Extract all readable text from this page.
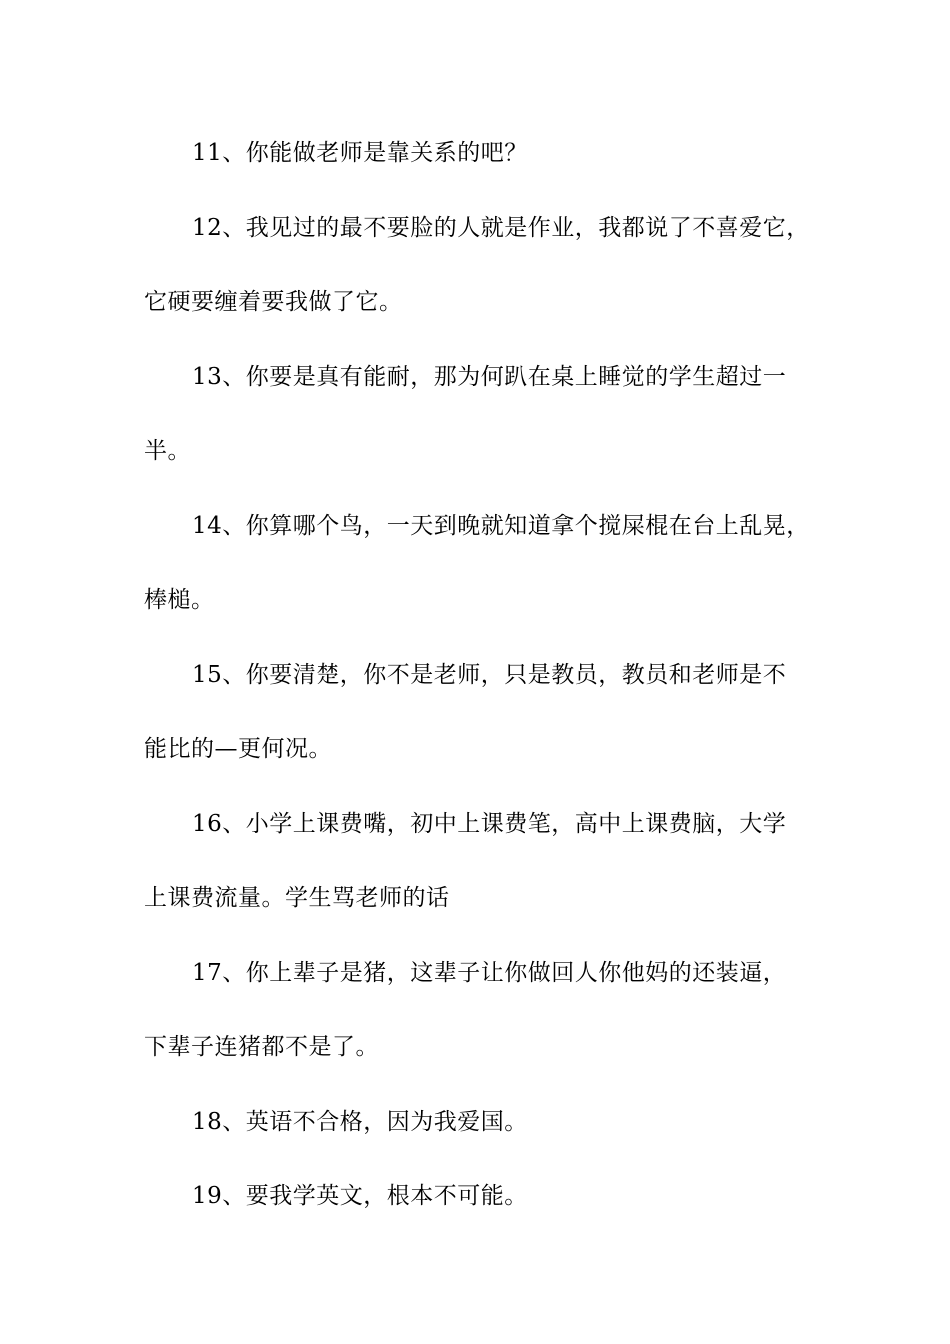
11、你能做老师是靠关系的吧？
12、我见过的最不要脸的人就是作业，我都说了不喜爱它，
它硬要缠着要我做了它。
13、你要是真有能耐，那为何趴在桌上睡觉的学生超过一
半。
14、你算哪个鸟，一天到晚就知道拿个搅屎棍在台上乱晃，
棒槌。
15、你要清楚，你不是老师，只是教员，教员和老师是不
能比的—更何况。
16、小学上课费嘴，初中上课费笔，高中上课费脑，大学
上课费流量。学生骂老师的话
17、你上辈子是猪，这辈子让你做回人你他妈的还装逼，
下辈子连猪都不是了。
18、英语不合格，因为我爱国。
19、要我学英文，根本不可能。
